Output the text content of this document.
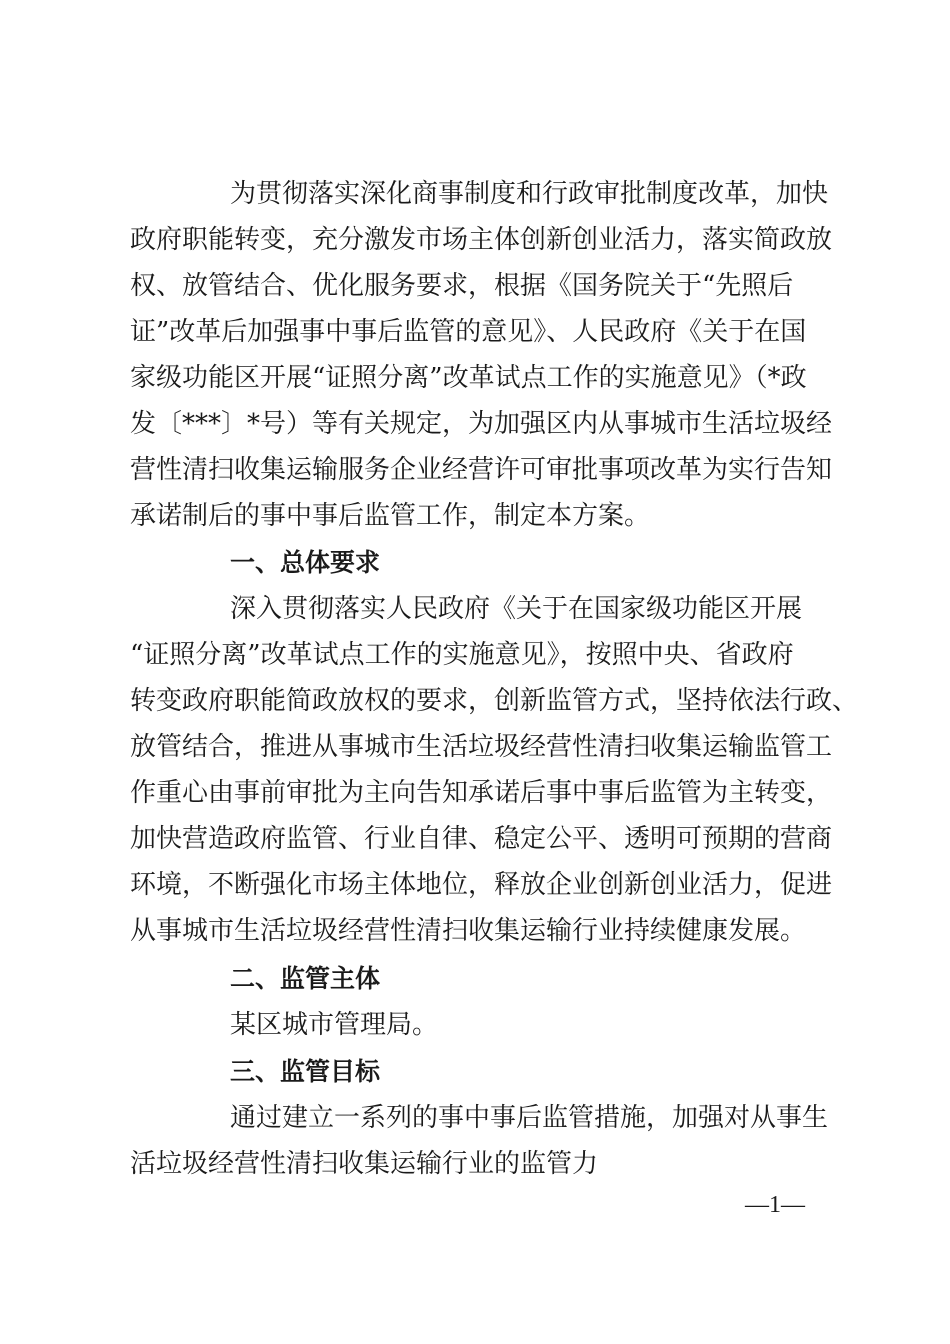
为贯彻落实深化商事制度和行政审批制度改革，加快
政府职能转变，充分激发市场主体创新创业活力，落实简政放
权、放管结合、优化服务要求，根据《国务院关于“先照后
证”改革后加强事中事后监管的意见》、人民政府《关于在国
家级功能区开展“证照分离”改革试点工作的实施意见》（*政
发〔***〕*号）等有关规定，为加强区内从事城市生活垃圾经
营性清扫收集运输服务企业经营许可审批事项改革为实行告知
承诺制后的事中事后监管工作，制定本方案。
一、总体要求
深入贯彻落实人民政府《关于在国家级功能区开展
“证照分离”改革试点工作的实施意见》，按照中央、省政府
转变政府职能简政放权的要求，创新监管方式，坚持依法行政、
放管结合，推进从事城市生活垃圾经营性清扫收集运输监管工
作重心由事前审批为主向告知承诺后事中事后监管为主转变，
加快营造政府监管、行业自律、稳定公平、透明可预期的营商
环境，不断强化市场主体地位，释放企业创新创业活力，促进
从事城市生活垃圾经营性清扫收集运输行业持续健康发展。
二、监管主体
某区城市管理局。
三、监管目标
通过建立一系列的事中事后监管措施，加强对从事生
活垃圾经营性清扫收集运输行业的监管力
—1—
